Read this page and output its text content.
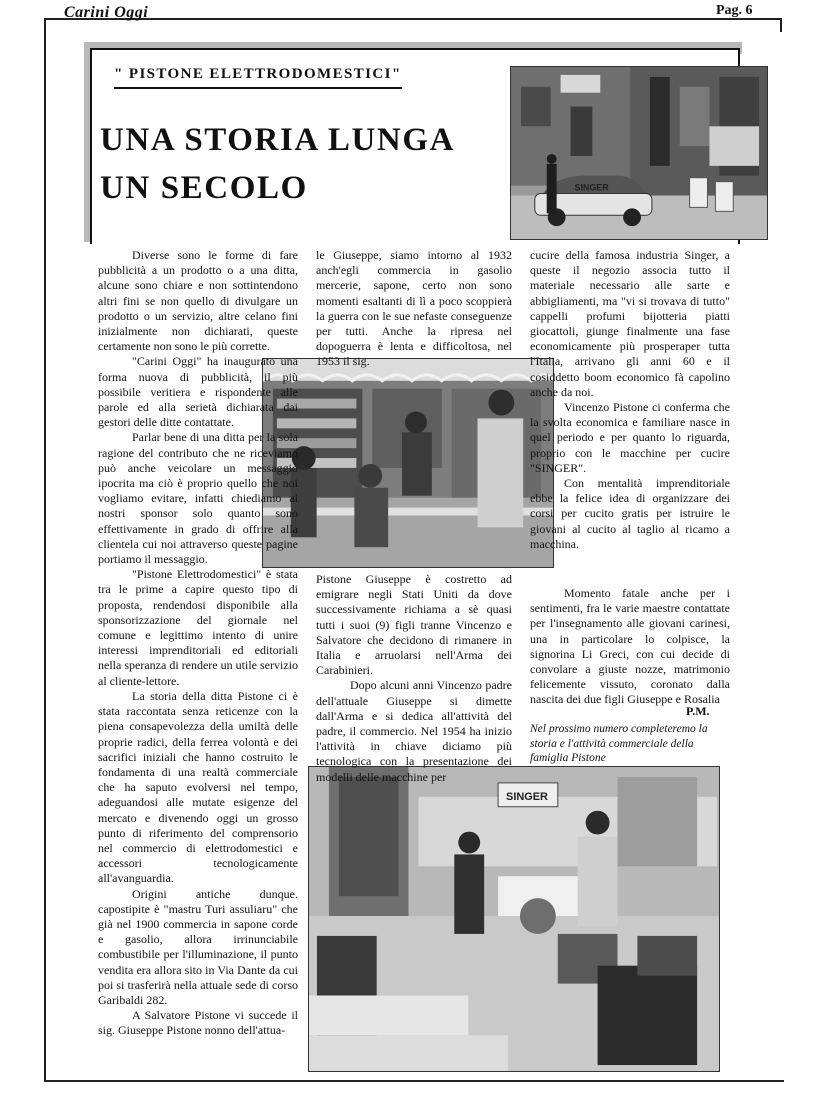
Carini Oggi	Pag. 6
" PISTONE ELETTRODOMESTICI"
UNA STORIA LUNGA UN SECOLO	SINGER
SINGER

Diverse sono le forme di fare pubblicità a un prodotto o a una ditta, alcune sono chiare e non sottintendono altri fini se non quello di divulgare un prodotto o un servizio, altre celano fini inizialmente non dichiarati, queste certamente non sono le più corrette.

"Carini Oggi" ha inaugurato una forma nuova di pubblicità, il più possibile veritiera e rispondente alle parole ed alla serietà dichiarata dai gestori delle ditte contattate.

Parlar bene di una ditta per la sola ragione del contributo che ne riceviamo può anche veicolare un messaggio ipocrita ma ciò è proprio quello che noi vogliamo evitare, infatti chiediamo ai nostri sponsor solo quanto sono effettivamente in grado di offrire alla clientela cui noi attraverso queste pagine portiamo il messaggio.

"Pistone Elettrodomestici" è stata tra le prime a capire questo tipo di proposta, rendendosi disponibile alla sponsorizzazione del giornale nel comune e legittimo intento di unire interessi imprenditoriali ed editoriali nella speranza di rendere un utile servizio al cliente-lettore.

La storia della ditta Pistone ci è stata raccontata senza reticenze con la piena consapevolezza della umiltà delle proprie radici, della ferrea volontà e dei sacrifici iniziali che hanno costruito le fondamenta di una realtà commerciale che ha saputo evolversi nel tempo, adeguandosi alle mutate esigenze del mercato e divenendo oggi un grosso punto di riferimento del comprensorio nel commercio di elettrodomestici e accessori tecnologicamente all'avanguardia.

Origini antiche dunque. capostipite è "mastru Turi assuliaru" che già nel 1900 commercia in sapone corde e gasolio, allora irrinunciabile combustibile per l'illuminazione, il punto vendita era allora sito in Via Dante da cui poi si trasferirà nella attuale sede di corso Garibaldi 282.

A Salvatore Pistone vi succede il sig. Giuseppe Pistone nonno dell'attua-

le Giuseppe, siamo intorno al 1932 anch'egli commercia in gasolio mercerie, sapone, certo non sono momenti esaltanti di lì a poco scoppierà la guerra con le sue nefaste conseguenze per tutti. Anche la ripresa nel dopoguerra è lenta e difficoltosa, nel 1953 il sig.

Pistone Giuseppe è costretto ad emigrare negli Stati Uniti da dove successivamente richiama a sè quasi tutti i suoi (9) figli tranne Vincenzo e Salvatore che decidono di rimanere in Italia e arruolarsi nell'Arma dei Carabinieri.

Dopo alcuni anni Vincenzo padre dell'attuale Giuseppe si dimette dall'Arma e si dedica all'attività del padre, il commercio. Nel 1954 ha inizio l'attività in chiave diciamo più tecnologica con la presentazione dei modelli delle macchine per

cucire della famosa industria Singer, a queste il negozio associa tutto il materiale necessario alle sarte e abbigliamenti, ma "vi si trovava di tutto" cappelli profumi bijotteria piatti giocattoli, giunge finalmente una fase economicamente più prosperaper tutta l'Italia, arrivano gli anni 60 e il cosiddetto boom economico fà capolino anche da noi.

Vincenzo Pistone ci conferma che la svolta economica e familiare nasce in quel periodo e per quanto lo riguarda, proprio con le macchine per cucire "SINGER".

Con mentalità imprenditoriale ebbe la felice idea di organizzare dei corsi per cucito gratis per istruire le giovani al cucito al taglio al ricamo a macchina.

Momento fatale anche per i sentimenti, fra le varie maestre contattate per l'insegnamento alle giovani carinesi, una in particolare lo colpisce, la signorina Li Greci, con cui decide di convolare a giuste nozze, matrimonio felicemente vissuto, coronato dalla nascita dei due figli Giuseppe e Rosalia

P.M.
Nel prossimo numero completeremo la storia e l'attività commerciale della famiglia Pistone
